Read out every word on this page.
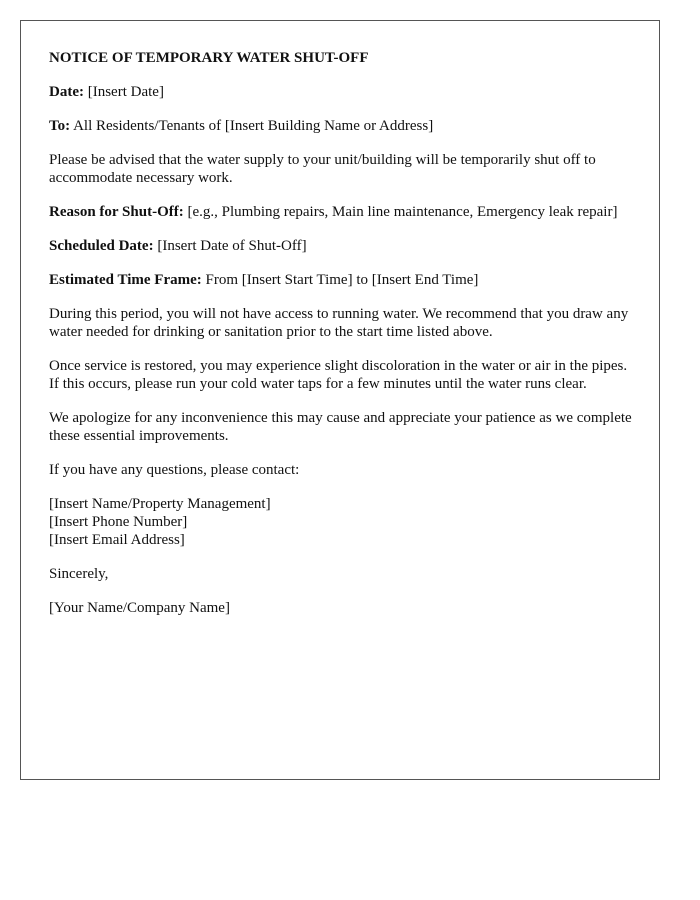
NOTICE OF TEMPORARY WATER SHUT-OFF

Date: [Insert Date]

To: All Residents/Tenants of [Insert Building Name or Address]

Please be advised that the water supply to your unit/building will be temporarily shut off to accommodate necessary work.

Reason for Shut-Off: [e.g., Plumbing repairs, Main line maintenance, Emergency leak repair]

Scheduled Date: [Insert Date of Shut-Off]

Estimated Time Frame: From [Insert Start Time] to [Insert End Time]

During this period, you will not have access to running water. We recommend that you draw any water needed for drinking or sanitation prior to the start time listed above.

Once service is restored, you may experience slight discoloration in the water or air in the pipes. If this occurs, please run your cold water taps for a few minutes until the water runs clear.

We apologize for any inconvenience this may cause and appreciate your patience as we complete these essential improvements.

If you have any questions, please contact:

[Insert Name/Property Management]
[Insert Phone Number]
[Insert Email Address]

Sincerely,

[Your Name/Company Name]
